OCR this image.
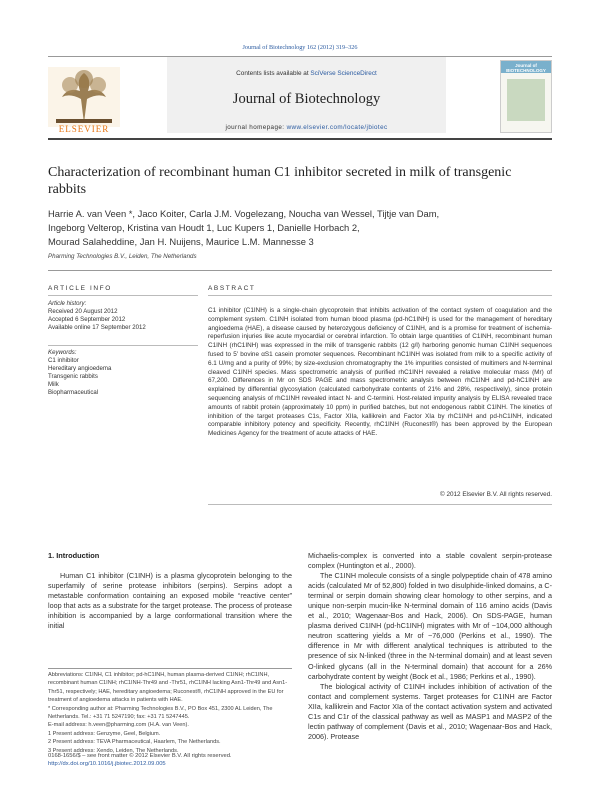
Journal of Biotechnology 162 (2012) 319–326
ELSEVIER
Contents lists available at SciVerse ScienceDirect
Journal of Biotechnology
journal homepage: www.elsevier.com/locate/jbiotec
Journal of BIOTECHNOLOGY
Characterization of recombinant human C1 inhibitor secreted in milk of transgenic rabbits
Harrie A. van Veen *, Jaco Koiter, Carla J.M. Vogelezang, Noucha van Wessel, Tijtje van Dam,
Ingeborg Velterop, Kristina van Houdt 1, Luc Kupers 1, Danielle Horbach 2,
Mourad Salaheddine, Jan H. Nuijens, Maurice L.M. Mannesse 3
Pharming Technologies B.V., Leiden, The Netherlands
ARTICLE INFO
Article history:
Received 20 August 2012
Accepted 6 September 2012
Available online 17 September 2012
Keywords:
C1 inhibitor
Hereditary angioedema
Transgenic rabbits
Milk
Biopharmaceutical
ABSTRACT
C1 inhibitor (C1INH) is a single-chain glycoprotein that inhibits activation of the contact system of coagulation and the complement system. C1INH isolated from human blood plasma (pd-hC1INH) is used for the management of hereditary angioedema (HAE), a disease caused by heterozygous deficiency of C1INH, and is a promise for treatment of ischemia-reperfusion injuries like acute myocardial or cerebral infarction. To obtain large quantities of C1INH, recombinant human C1INH (rhC1INH) was expressed in the milk of transgenic rabbits (12 g/l) harboring genomic human C1INH sequences fused to 5′ bovine αS1 casein promoter sequences. Recombinant hC1INH was isolated from milk to a specific activity of 6.1 U/mg and a purity of 99%; by size-exclusion chromatography the 1% impurities consisted of multimers and N-terminal cleaved C1INH species. Mass spectrometric analysis of purified rhC1INH revealed a relative molecular mass (Mr) of 67,200. Differences in Mr on SDS PAGE and mass spectrometric analysis between rhC1INH and pd-hC1INH are explained by differential glycosylation (calculated carbohydrate contents of 21% and 28%, respectively), since protein sequencing analysis of rhC1INH revealed intact N- and C-termini. Host-related impurity analysis by ELISA revealed trace amounts of rabbit protein (approximately 10 ppm) in purified batches, but not endogenous rabbit C1INH. The kinetics of inhibition of the target proteases C1s, Factor XIIa, kallikrein and Factor XIa by rhC1INH and pd-hC1INH, indicated comparable inhibitory potency and specificity. Recently, rhC1INH (Ruconest®) has been approved by the European Medicines Agency for the treatment of acute attacks of HAE.
© 2012 Elsevier B.V. All rights reserved.
1. Introduction
Human C1 inhibitor (C1INH) is a plasma glycoprotein belonging to the superfamily of serine protease inhibitors (serpins). Serpins adopt a metastable conformation containing an exposed mobile “reactive center” loop that acts as a substrate for the target protease. The process of protease inhibition is accompanied by a large conformational transition where the initial

Michaelis-complex is converted into a stable covalent serpin-protease complex (Huntington et al., 2000).

The C1INH molecule consists of a single polypeptide chain of 478 amino acids (calculated Mr of 52,800) folded in two disulphide-linked domains, a C-terminal or serpin domain showing clear homology to other serpins, and a unique non-serpin mucin-like N-terminal domain of 116 amino acids (Davis et al., 2010; Wagenaar-Bos and Hack, 2006). On SDS-PAGE, human plasma derived C1INH (pd-hC1INH) migrates with Mr of ~104,000 although neutron scattering yields a Mr of ~76,000 (Perkins et al., 1990). The difference in Mr with different analytical techniques is attributed to the presence of six N-linked (three in the N-terminal domain) and at least seven O-linked glycans (all in the N-terminal domain) that account for a 26% carbohydrate content by weight (Bock et al., 1986; Perkins et al., 1990).

The biological activity of C1INH includes inhibition of activation of the contact and complement systems. Target proteases for C1INH are Factor XIIa, kallikrein and Factor XIa of the contact activation system and activated C1s and C1r of the classical pathway as well as MASP1 and MASP2 of the lectin pathway of complement (Davis et al., 2010; Wagenaar-Bos and Hack, 2006). Protease

Abbreviations: C1INH, C1 inhibitor; pd-hC1INH, human plasma-derived C1INH; rhC1INH, recombinant human C1INH; rhC1INH-Thr49 and -Thr51, rhC1INH lacking Asn1-Thr49 and Asn1-Thr51, respectively; HAE, hereditary angioedema; Ruconest®, rhC1INH approved in the EU for treatment of angioedema attacks in patients with HAE.
* Corresponding author at: Pharming Technologies B.V., PO Box 451, 2300 AL Leiden, The Netherlands. Tel.: +31 71 5247190; fax: +31 71 5247445.
E-mail address: h.veen@pharming.com (H.A. van Veen).
1 Present address: Genzyme, Geel, Belgium.
2 Present address: TEVA Pharmaceutical, Haarlem, The Netherlands.
3 Present address: Xendo, Leiden, The Netherlands.
0168-1656/$ – see front matter © 2012 Elsevier B.V. All rights reserved.
http://dx.doi.org/10.1016/j.jbiotec.2012.09.005
